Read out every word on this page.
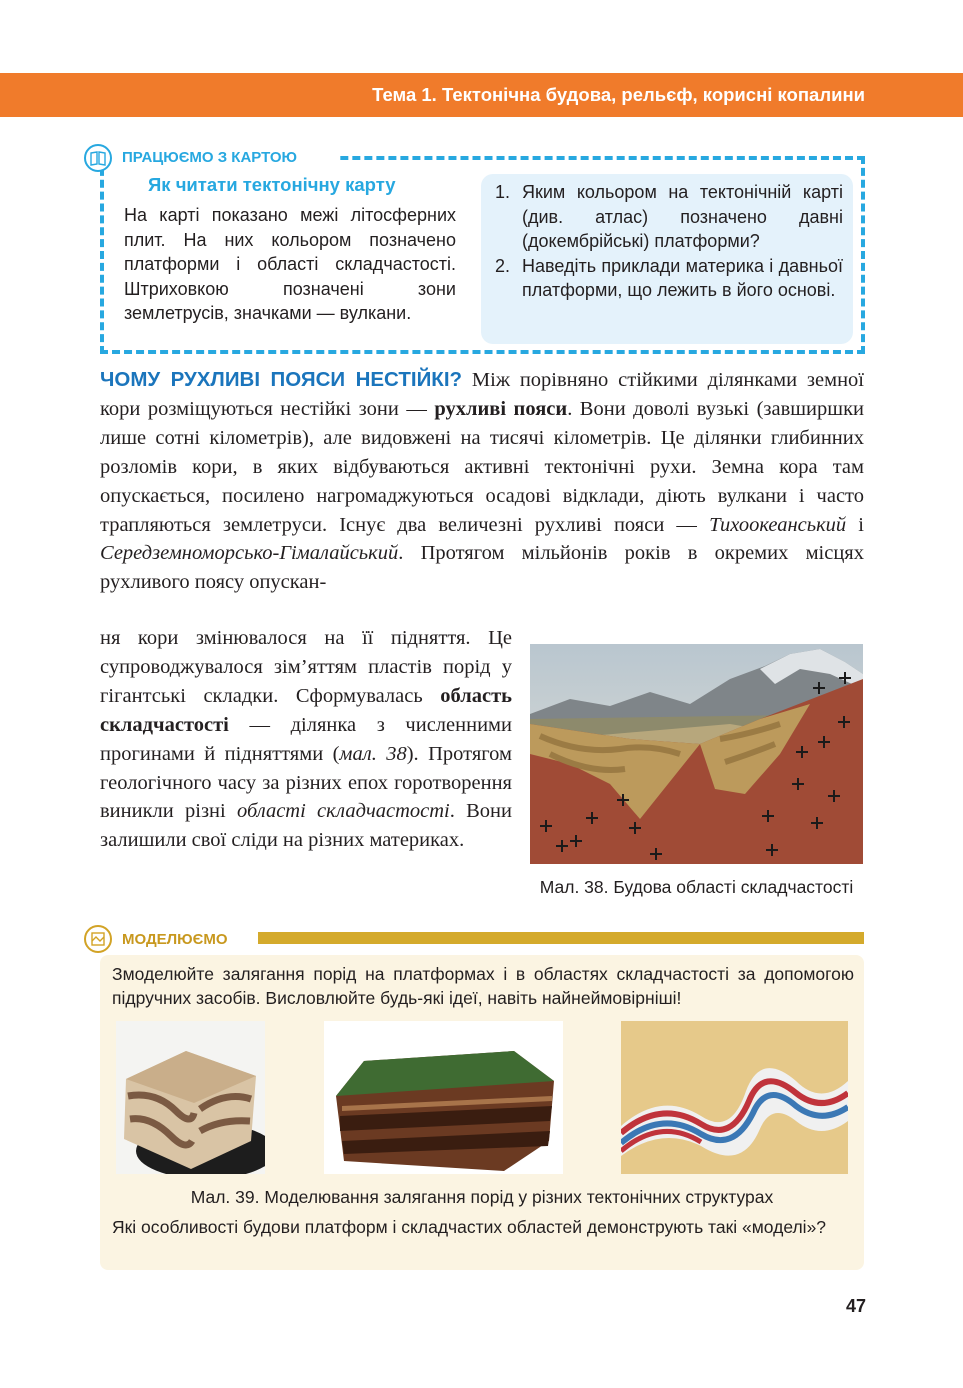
Тема 1. Тектонічна будова, рельєф, корисні копалини
ПРАЦЮЄМО З КАРТОЮ
Як читати тектонічну карту
На карті показано межі літосферних плит. На них кольором позначено платформи і області складчастості. Штриховкою позначені зони землетрусів, значками — вулкани.
1. Яким кольором на тектонічній карті (див. атлас) позначено давні (докембрійські) платформи?
2. Наведіть приклади материка і давньої платформи, що лежить в його основі.
ЧОМУ РУХЛИВІ ПОЯСИ НЕСТІЙКІ? Між порівняно стійкими ділянками земної кори розміщуються нестійкі зони — рухливі пояси. Вони доволі вузькі (завширшки лише сотні кілометрів), але видовжені на тисячі кілометрів. Це ділянки глибинних розломів кори, в яких відбуваються активні тектонічні рухи. Земна кора там опускається, посилено нагромаджуються осадові відклади, діють вулкани і часто трапляються землетруси. Існує два величезні рухливі пояси — Тихоокеанський і Середземноморсько-Гімалайський. Протягом мільйонів років в окремих місцях рухливого поясу опускан-
ня кори змінювалося на її підняття. Це супроводжувалося зім’яттям пластів порід у гігантські складки. Сформувалась область складчастості — ділянка з численними прогинами й підняттями (мал. 38). Протягом геологічного часу за різних епох горотворення виникли різні області складчастості. Вони залишили свої сліди на різних материках.
Мал. 38. Будова області складчастості
МОДЕЛЮЄМО
Змоделюйте залягання порід на платформах і в областях складчастості за допомогою підручних засобів. Висловлюйте будь-які ідеї, навіть найнеймовірніші!
Мал. 39. Моделювання залягання порід у різних тектонічних структурах
Які особливості будови платформ і складчастих областей демонструють такі «моделі»?
47
